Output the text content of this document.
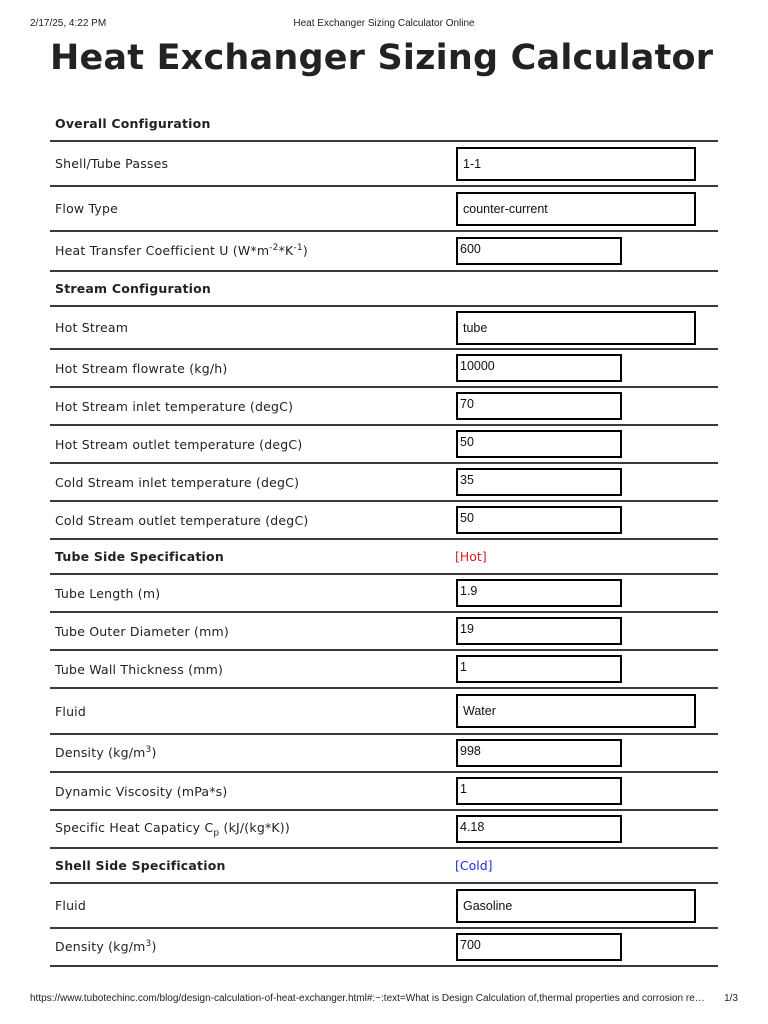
2/17/25, 4:22 PM	Heat Exchanger Sizing Calculator Online
Heat Exchanger Sizing Calculator
Overall Configuration
Shell/Tube Passes	1-1
Flow Type	counter-current
Heat Transfer Coefficient U $(W*m^{-2}*K^{-1})$	600
Stream Configuration
Hot Stream	tube
Hot Stream flowrate (kg/h)	10000
Hot Stream inlet temperature (degC)	70
Hot Stream outlet temperature (degC)	50
Cold Stream inlet temperature (degC)	35
Cold Stream outlet temperature (degC)	50
Tube Side Specification	[Hot]
Tube Length (m)	1.9
Tube Outer Diameter (mm)	19
Tube Wall Thickness (mm)	1
Fluid	Water
Density $(kg/m^3)$	998
Dynamic Viscosity (mPa*s)	1
Specific Heat Capaticy $C_p$ (kJ/(kg*K))	4.18
Shell Side Specification	[Cold]
Fluid	Gasoline
Density $(kg/m^3)$	700
https://www.tubotechinc.com/blog/design-calculation-of-heat-exchanger.html#:~:text=What is Design Calculation of,thermal properties and corrosion re…	1/3
